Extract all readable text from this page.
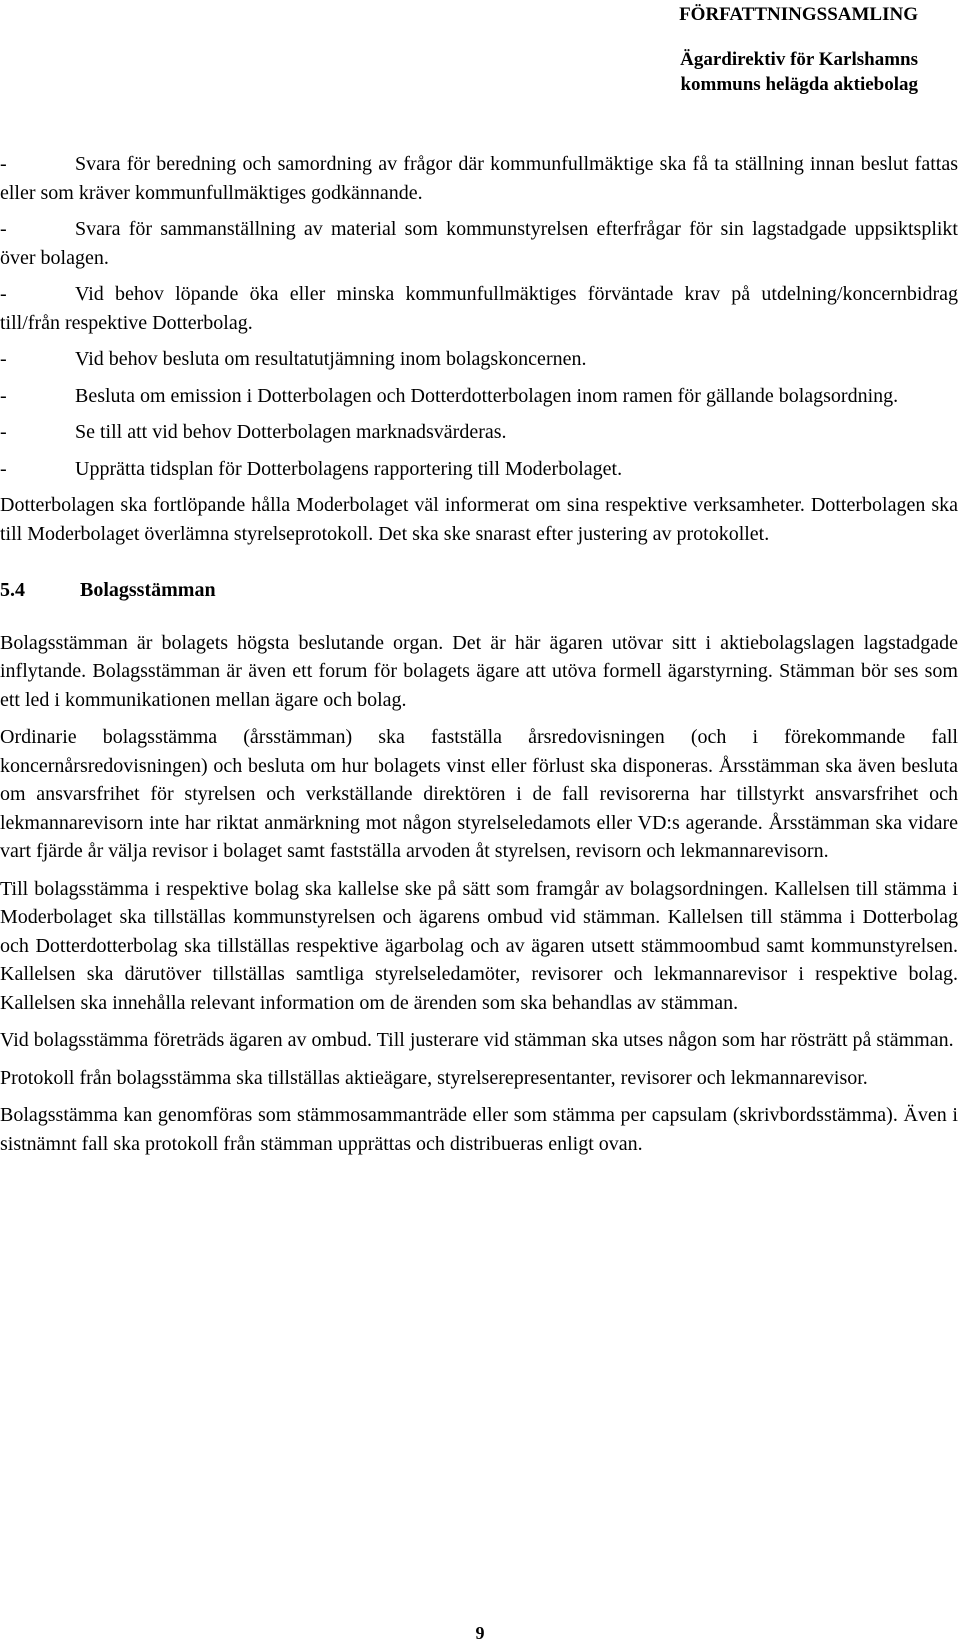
FÖRFATTNINGSSAMLING
Ägardirektiv för Karlshamns
kommuns helägda aktiebolag
-	Svara för beredning och samordning av frågor där kommunfullmäktige ska få ta ställning innan beslut fattas eller som kräver kommunfullmäktiges godkännande.
-	Svara för sammanställning av material som kommunstyrelsen efterfrågar för sin lagstadgade uppsiktsplikt över bolagen.
-	Vid behov löpande öka eller minska kommunfullmäktiges förväntade krav på utdelning/koncernbidrag till/från respektive Dotterbolag.
-	Vid behov besluta om resultatutjämning inom bolagskoncernen.
-	Besluta om emission i Dotterbolagen och Dotterdotterbolagen inom ramen för gällande bolagsordning.
-	Se till att vid behov Dotterbolagen marknadsvärderas.
-	Upprätta tidsplan för Dotterbolagens rapportering till Moderbolaget.

Dotterbolagen ska fortlöpande hålla Moderbolaget väl informerat om sina respektive verksamheter. Dotterbolagen ska till Moderbolaget överlämna styrelseprotokoll. Det ska ske snarast efter justering av protokollet.

5.4	Bolagsstämman

Bolagsstämman är bolagets högsta beslutande organ. Det är här ägaren utövar sitt i aktiebolagslagen lagstadgade inflytande. Bolagsstämman är även ett forum för bolagets ägare att utöva formell ägarstyrning. Stämman bör ses som ett led i kommunikationen mellan ägare och bolag.

Ordinarie bolagsstämma (årsstämman) ska fastställa årsredovisningen (och i förekommande fall koncernårsredovisningen) och besluta om hur bolagets vinst eller förlust ska disponeras. Årsstämman ska även besluta om ansvarsfrihet för styrelsen och verkställande direktören i de fall revisorerna har tillstyrkt ansvarsfrihet och lekmannarevisorn inte har riktat anmärkning mot någon styrelseledamots eller VD:s agerande. Årsstämman ska vidare vart fjärde år välja revisor i bolaget samt fastställa arvoden åt styrelsen, revisorn och lekmannarevisorn.

Till bolagsstämma i respektive bolag ska kallelse ske på sätt som framgår av bolagsordningen. Kallelsen till stämma i Moderbolaget ska tillställas kommunstyrelsen och ägarens ombud vid stämman. Kallelsen till stämma i Dotterbolag och Dotterdotterbolag ska tillställas respektive ägarbolag och av ägaren utsett stämmoombud samt kommunstyrelsen. Kallelsen ska därutöver tillställas samtliga styrelseledamöter, revisorer och lekmannarevisor i respektive bolag. Kallelsen ska innehålla relevant information om de ärenden som ska behandlas av stämman.

Vid bolagsstämma företräds ägaren av ombud. Till justerare vid stämman ska utses någon som har rösträtt på stämman.

Protokoll från bolagsstämma ska tillställas aktieägare, styrelserepresentanter, revisorer och lekmannarevisor.

Bolagsstämma kan genomföras som stämmosammanträde eller som stämma per capsulam (skrivbordsstämma). Även i sistnämnt fall ska protokoll från stämman upprättas och distribueras enligt ovan.

9
